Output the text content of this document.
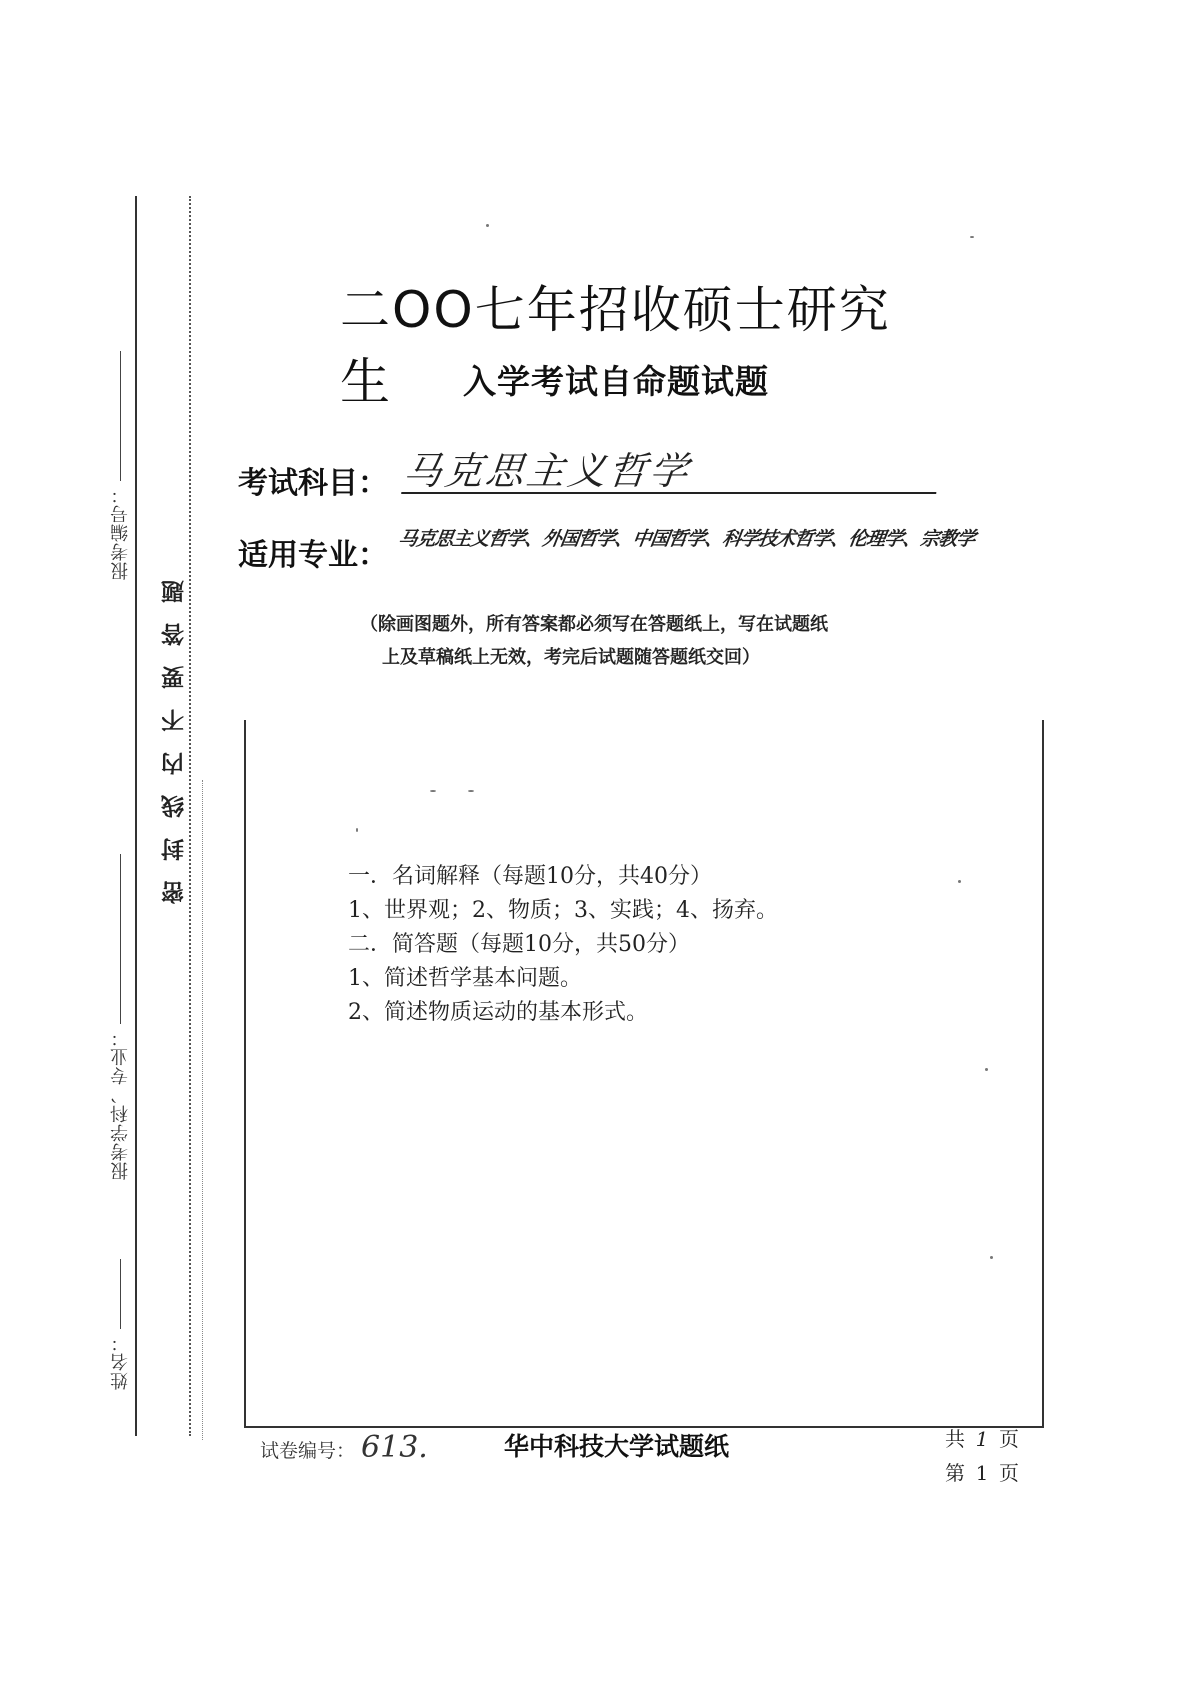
报考编号：
报考学科、专业：
姓名：
密封线内不要答题
二OO七年招收硕士研究生	入学考试自命题试题
考试科目： 马克思主义哲学
适用专业： 马克思主义哲学、外国哲学、中国哲学、科学技术哲学、伦理学、宗教学
（除画图题外，所有答案都必须写在答题纸上，写在试题纸
上及草稿纸上无效，考完后试题随答题纸交回）
一．名词解释（每题10分，共40分）
1、世界观；2、物质；3、实践；4、扬弃。
二．简答题（每题10分，共50分）
1、简述哲学基本问题。
2、简述物质运动的基本形式。
试卷编号： 613.	华中科技大学试题纸	共 1 页
第 1 页
